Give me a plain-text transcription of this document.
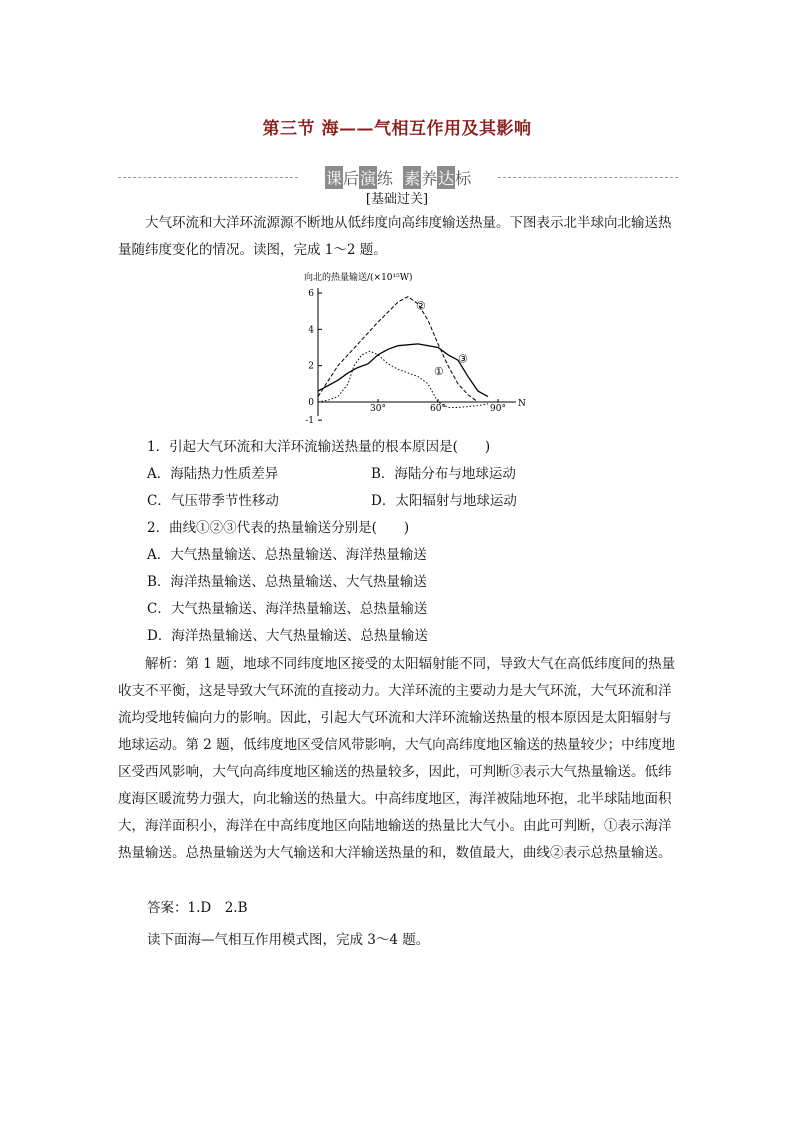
第三节 海——气相互作用及其影响
课后演练 素养达标
[基础过关]

大气环流和大洋环流源源不断地从低纬度向高纬度输送热量。下图表示北半球向北输送热量随纬度变化的情况。读图，完成 1～2 题。

向北的热量输送/(×10¹⁵W)
6
4
2
0
-1
30°	60°	90° N
①
②
③
1．引起大气环流和大洋环流输送热量的根本原因是(　　)
A．海陆热力性质差异	B．海陆分布与地球运动
C．气压带季节性移动	D．太阳辐射与地球运动
2．曲线①②③代表的热量输送分别是(　　)
A．大气热量输送、总热量输送、海洋热量输送
B．海洋热量输送、总热量输送、大气热量输送
C．大气热量输送、海洋热量输送、总热量输送
D．海洋热量输送、大气热量输送、总热量输送

解析：第 1 题，地球不同纬度地区接受的太阳辐射能不同，导致大气在高低纬度间的热量收支不平衡，这是导致大气环流的直接动力。大洋环流的主要动力是大气环流，大气环流和洋流均受地转偏向力的影响。因此，引起大气环流和大洋环流输送热量的根本原因是太阳辐射与地球运动。第 2 题，低纬度地区受信风带影响，大气向高纬度地区输送的热量较少；中纬度地区受西风影响，大气向高纬度地区输送的热量较多，因此，可判断③表示大气热量输送。低纬度海区暖流势力强大，向北输送的热量大。中高纬度地区，海洋被陆地环抱，北半球陆地面积大，海洋面积小，海洋在中高纬度地区向陆地输送的热量比大气小。由此可判断，①表示海洋热量输送。总热量输送为大气输送和大洋输送热量的和，数值最大，曲线②表示总热量输送。

答案：1.D　2.B
读下面海—气相互作用模式图，完成 3～4 题。
